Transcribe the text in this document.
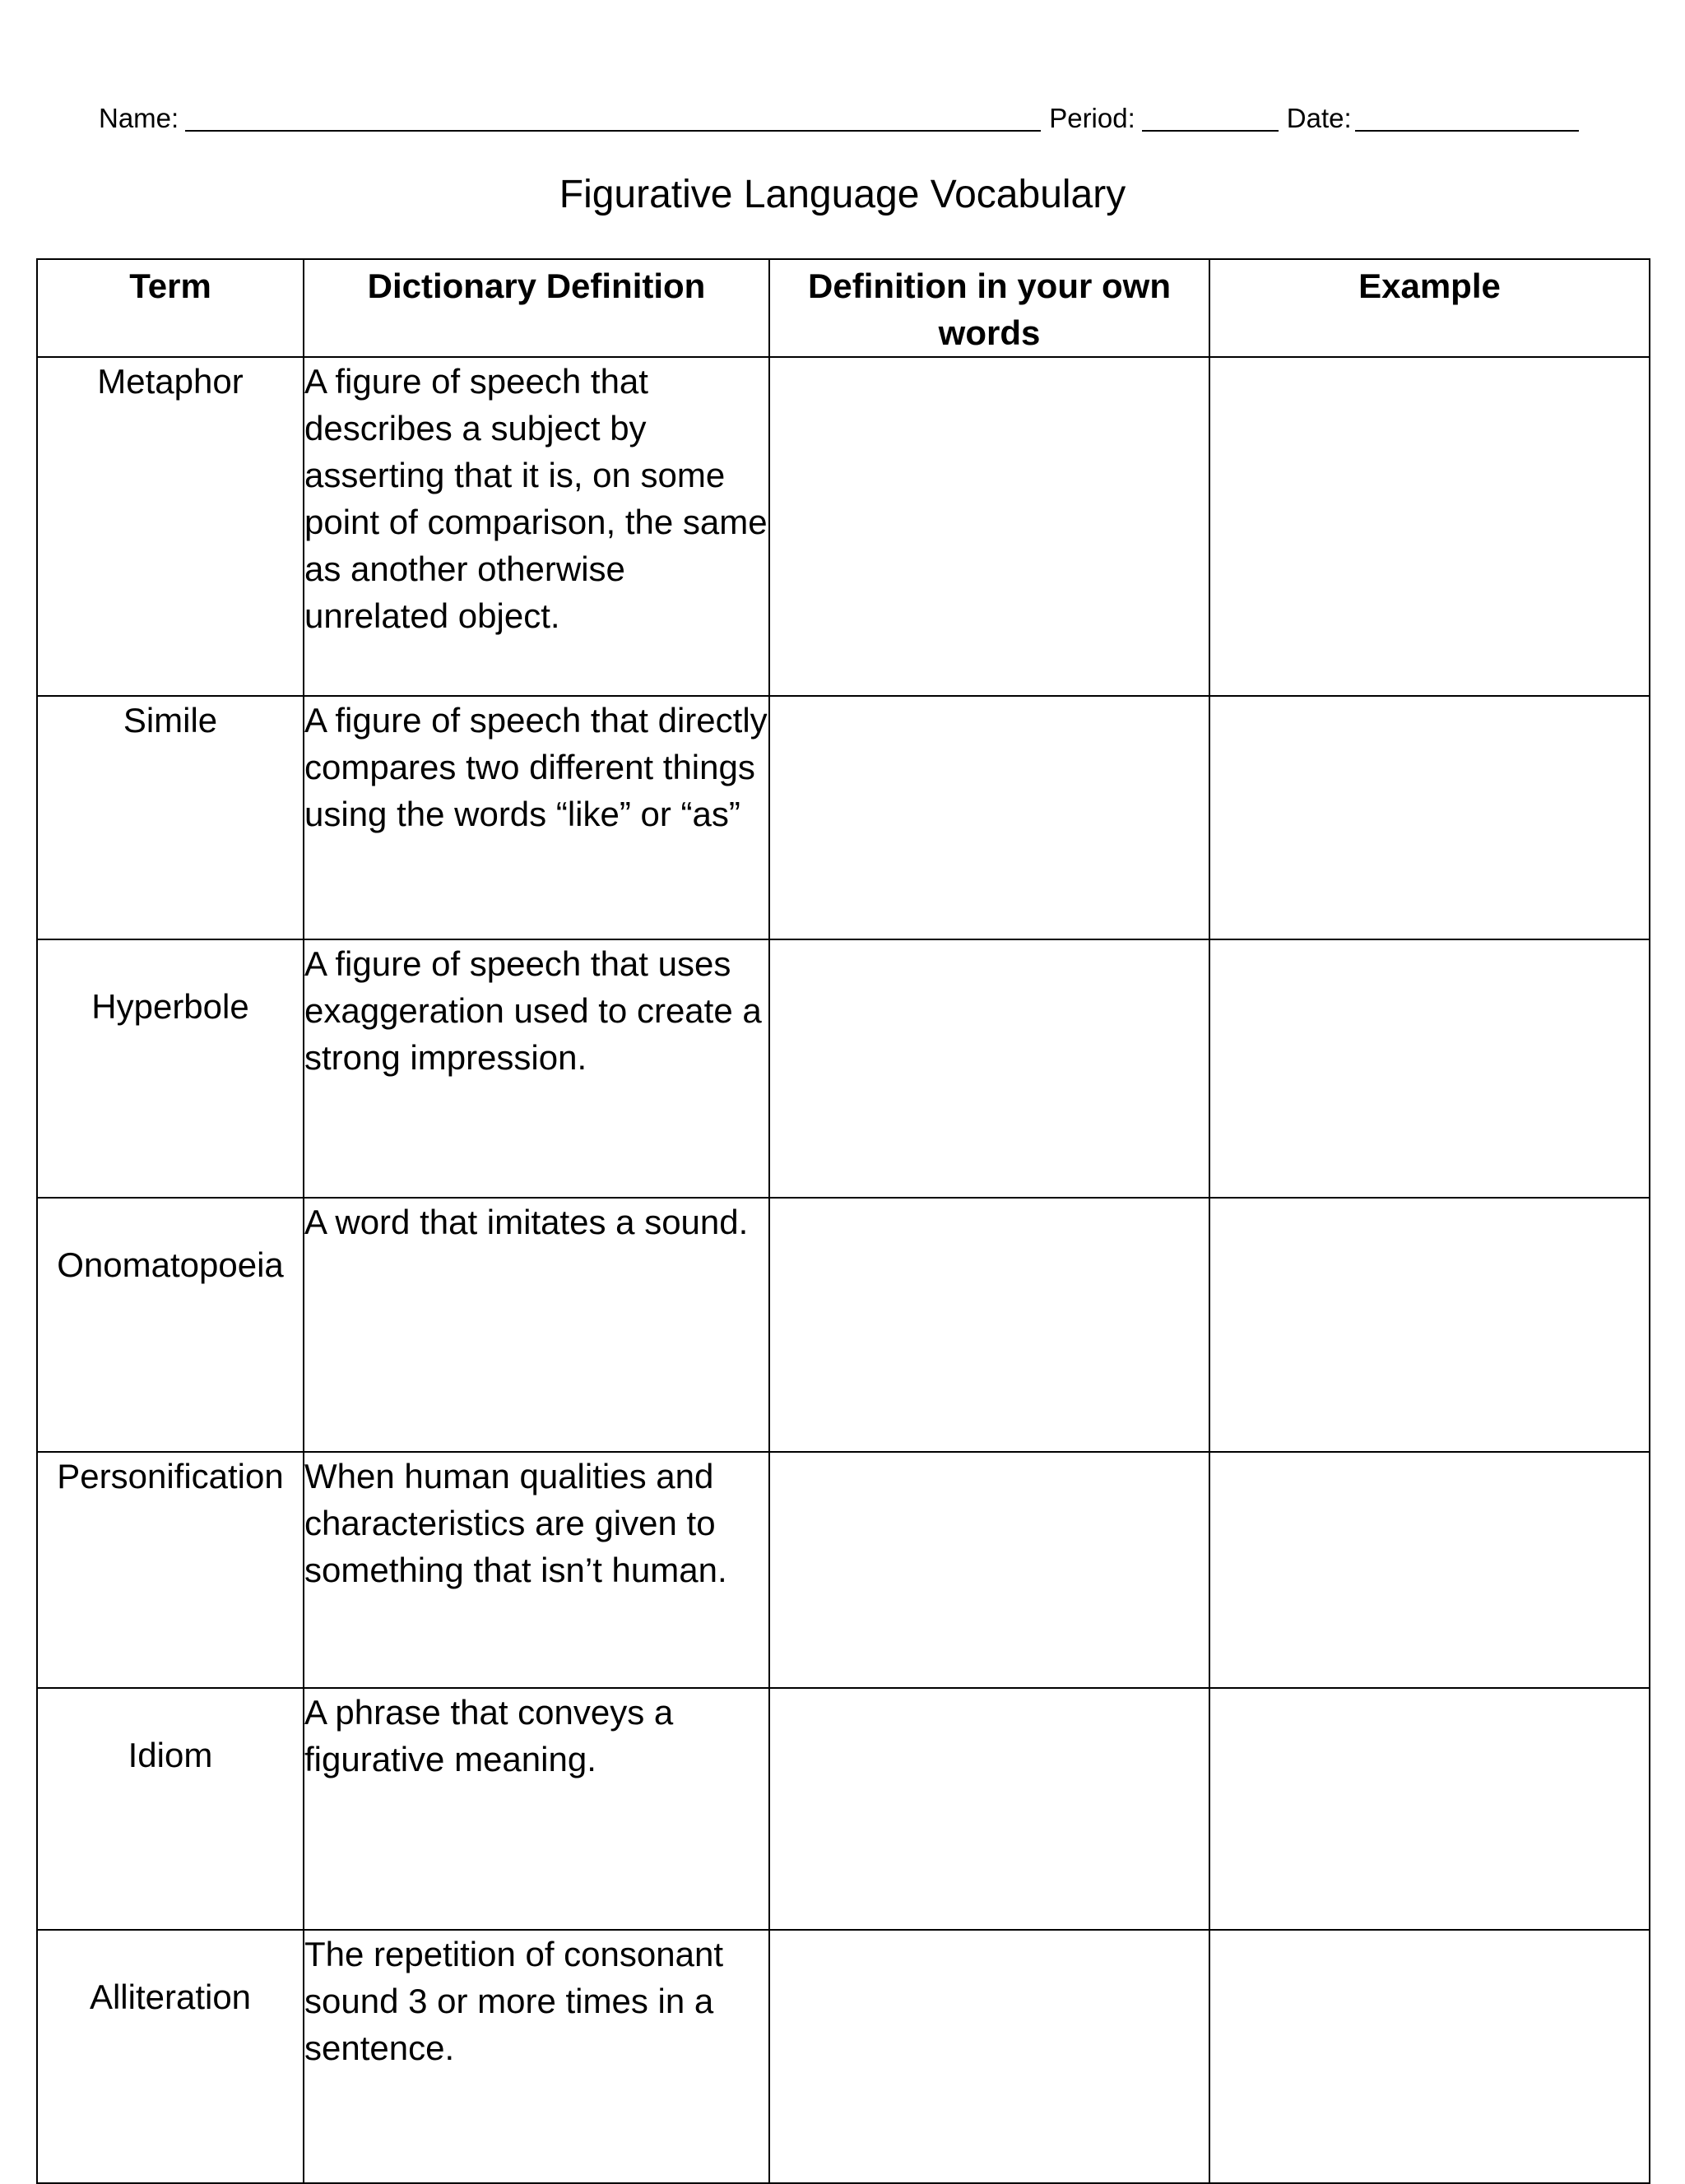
Name:	Period:	Date:
Figurative Language Vocabulary
Term	Dictionary Definition	Definition in your own words	Example
Metaphor	A figure of speech that describes a subject by asserting that it is, on some point of comparison, the same as another otherwise unrelated object.		
Simile	A figure of speech that directly compares two different things using the words “like” or “as”		
Hyperbole	A figure of speech that uses exaggeration used to create a strong impression.		
Onomatopoeia	A word that imitates a sound.		
Personification	When human qualities and characteristics are given to something that isn’t human.		
Idiom	A phrase that conveys a figurative meaning.		
Alliteration	The repetition of consonant sound 3 or more times in a sentence.		
